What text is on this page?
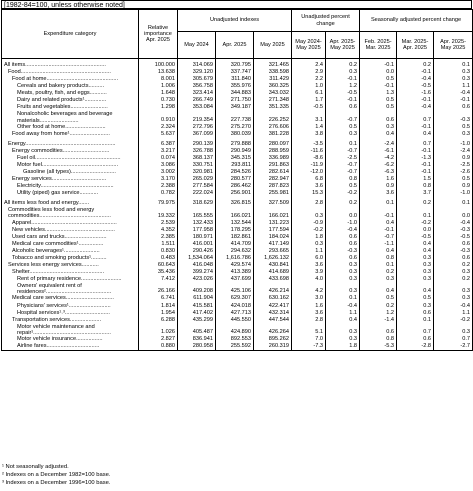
[1982-84=100, unless otherwise noted]
Expenditure category	Relative importance Apr. 2025	Unadjusted indexes			Unadjusted percent change		Seasonally adjusted percent change		
		May 2024	Apr. 2025	May 2025	May 2024-May 2025	Apr. 2025-May 2025	Feb. 2025-Mar. 2025	Mar. 2025-Apr. 2025	Apr. 2025-May 2025
All items....................................................	100.000	314.069	320.795	321.465	2.4	0.2	-0.1	0.2	0.1
Food..........................................................	13.638	329.120	337.747	338.598	2.9	0.3	0.0	-0.1	0.3
Food at home..............................................	8.001	305.679	311.840	311.429	2.2	-0.1	0.5	-0.4	0.3
Cereals and bakery products..........	1.006	356.758	355.976	360.325	1.0	1.2	-0.1	-0.5	1.1
Meats, poultry, fish, and eggs...........	1.648	323.414	344.883	343.032	6.1	-0.5	1.3	-1.6	-0.4
Dairy and related products¹..............	0.730	266.749	271.750	271.348	1.7	-0.1	0.5	-0.1	-0.1
Fruits and vegetables........................	1.298	353.084	349.187	351.335	-0.5	0.6	0.5	-0.4	0.6
Nonalcoholic beverages and beverage materials.........................	0.910	219.354	227.738	226.252	3.1	-0.7	0.6	0.7	-0.3
Other food at home..........................	2.324	272.796	275.270	276.606	1.4	0.5	0.3	-0.1	0.5
Food away from home¹..........................	5.637	367.099	380.039	381.228	3.8	0.3	0.4	0.4	0.3
Energy..........................................................	6.387	290.139	279.888	280.097	-3.5	0.1	-2.4	0.7	-1.0
Energy commodities..............................	3.217	326.788	290.949	288.959	-11.6	-0.7	-6.1	-0.1	-2.4
Fuel oil.......................................................	0.074	368.137	345.315	336.989	-8.6	-2.5	-4.2	-1.3	0.9
Motor fuel.................................................	3.086	330.751	293.811	291.863	-11.9	-0.7	-6.2	-0.1	-2.5
Gasoline (all types).............................	3.002	320.981	284.526	282.614	-12.0	-0.7	-6.3	-0.1	-2.6
Energy services...................................	3.170	265.029	280.577	282.947	6.8	0.8	1.6	1.5	0.5
Electricity...............................................	2.388	277.584	286.462	287.823	3.6	0.5	0.9	0.8	0.9
Utility (piped) gas service............	0.782	222.024	256.901	255.981	15.3	-0.2	3.6	3.7	-1.0
All items less food and energy.......	79.975	318.629	326.815	327.509	2.8	0.2	0.1	0.2	0.1
Commodities less food and energy commodities..............................................	19.332	165.555	166.021	166.021	0.3	0.0	-0.1	0.1	0.0
Apparel.......................................................	2.539	132.433	132.544	131.223	-0.9	-1.0	0.4	-0.2	-0.4
New vehicles.............................................	4.352	177.958	178.295	177.594	-0.2	-0.4	-0.1	0.0	-0.3
Used cars and trucks...........................	2.385	180.971	182.861	184.024	1.8	0.6	-0.7	-0.5	-0.5
Medical care commodities¹................	1.511	416.001	414.709	417.149	0.3	0.6	-1.1	0.4	0.6
Alcoholic beverages¹.......................	0.830	290.426	294.632	293.665	1.1	-0.3	0.4	0.4	-0.3
Tobacco and smoking products¹..........	0.483	1,534.064	1,616.786	1,626.132	6.0	0.6	0.8	0.3	0.6
Services less energy services...........	60.643	416.048	429.574	430.841	3.6	0.3	0.1	0.3	0.2
Shelter................................................	35.436	399.274	413.389	414.689	3.9	0.3	0.2	0.3	0.3
Rent of primary residence..........................	7.412	423.026	437.699	433.698	4.0	0.3	0.3	0.3	0.2
Owners' equivalent rent of residences²..........................................	26.166	409.208	425.106	426.214	4.2	0.3	0.4	0.4	0.3
Medical care services...............................	6.741	611.904	629.307	630.162	3.0	0.1	0.5	0.5	0.3
Physicians' services¹...........................	1.814	415.581	424.018	422.417	1.6	-0.4	0.2	0.3	-0.4
Hospital services¹˒³.............................	1.954	417.402	427.713	432.314	3.6	1.1	1.2	0.6	1.1
Transportation services....................	6.288	435.299	445.550	447.544	2.8	0.4	-1.4	0.1	-0.2
Motor vehicle maintenance and repair¹..................................................	1.026	405.487	424.890	426.264	5.1	0.3	0.6	0.7	0.3
Motor vehicle insurance.................	2.827	836.941	892.553	895.262	7.0	0.3	0.8	0.6	0.7
Airline fares..................................	0.880	280.958	255.592	260.319	-7.3	1.8	-5.3	-2.8	-2.7
¹ Not seasonally adjusted.
² Indexes on a December 1982=100 base.
³ Indexes on a December 1996=100 base.
